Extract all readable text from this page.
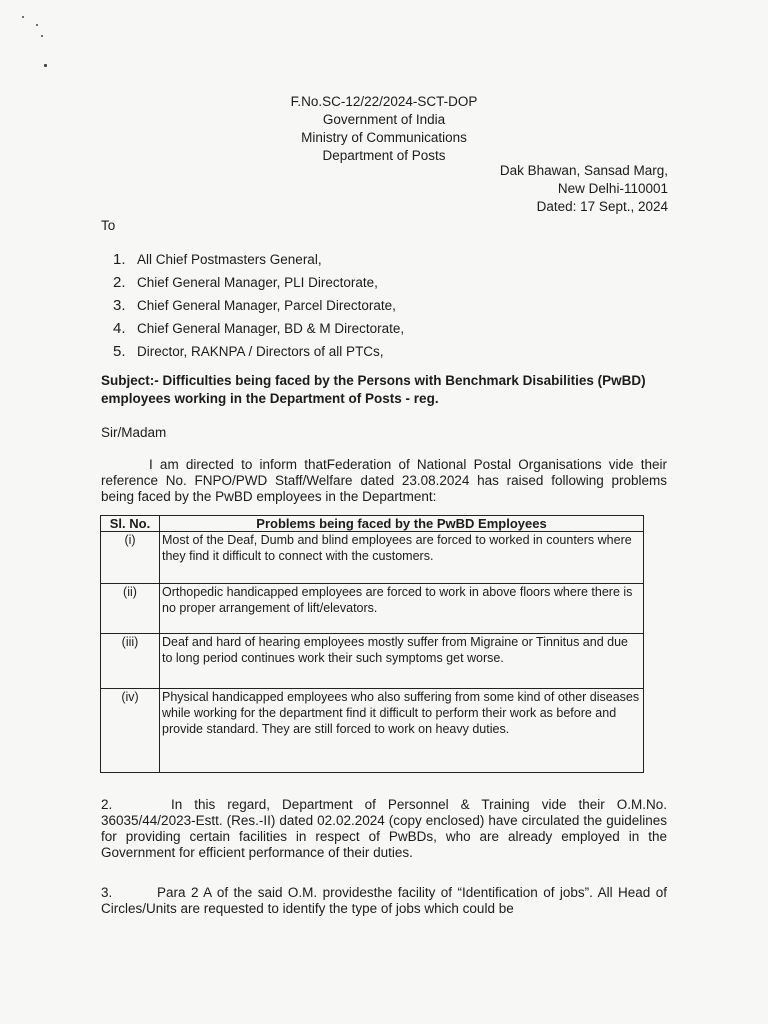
F.No.SC-12/22/2024-SCT-DOP
Government of India
Ministry of Communications
Department of Posts
Dak Bhawan, Sansad Marg,
New Delhi-110001
Dated: 17 Sept., 2024
To
1. All Chief Postmasters General,
2. Chief General Manager, PLI Directorate,
3. Chief General Manager, Parcel Directorate,
4. Chief General Manager, BD & M Directorate,
5. Director, RAKNPA / Directors of all PTCs,
Subject:- Difficulties being faced by the Persons with Benchmark Disabilities (PwBD) employees working in the Department of Posts - reg.
Sir/Madam
I am directed to inform thatFederation of National Postal Organisations vide their reference No. FNPO/PWD Staff/Welfare dated 23.08.2024 has raised following problems being faced by the PwBD employees in the Department:
Sl. No.	Problems being faced by the PwBD Employees
(i)	Most of the Deaf, Dumb and blind employees are forced to worked in counters where they find it difficult to connect with the customers.
(ii)	Orthopedic handicapped employees are forced to work in above floors where there is no proper arrangement of lift/elevators.
(iii)	Deaf and hard of hearing employees mostly suffer from Migraine or Tinnitus and due to long period continues work their such symptoms get worse.
(iv)	Physical handicapped employees who also suffering from some kind of other diseases while working for the department find it difficult to perform their work as before and provide standard. They are still forced to work on heavy duties.
2.	In this regard, Department of Personnel & Training vide their O.M.No. 36035/44/2023-Estt. (Res.-II) dated 02.02.2024 (copy enclosed) have circulated the guidelines for providing certain facilities in respect of PwBDs, who are already employed in the Government for efficient performance of their duties.
3.	Para 2 A of the said O.M. providesthe facility of “Identification of jobs”. All Head of Circles/Units are requested to identify the type of jobs which could be
